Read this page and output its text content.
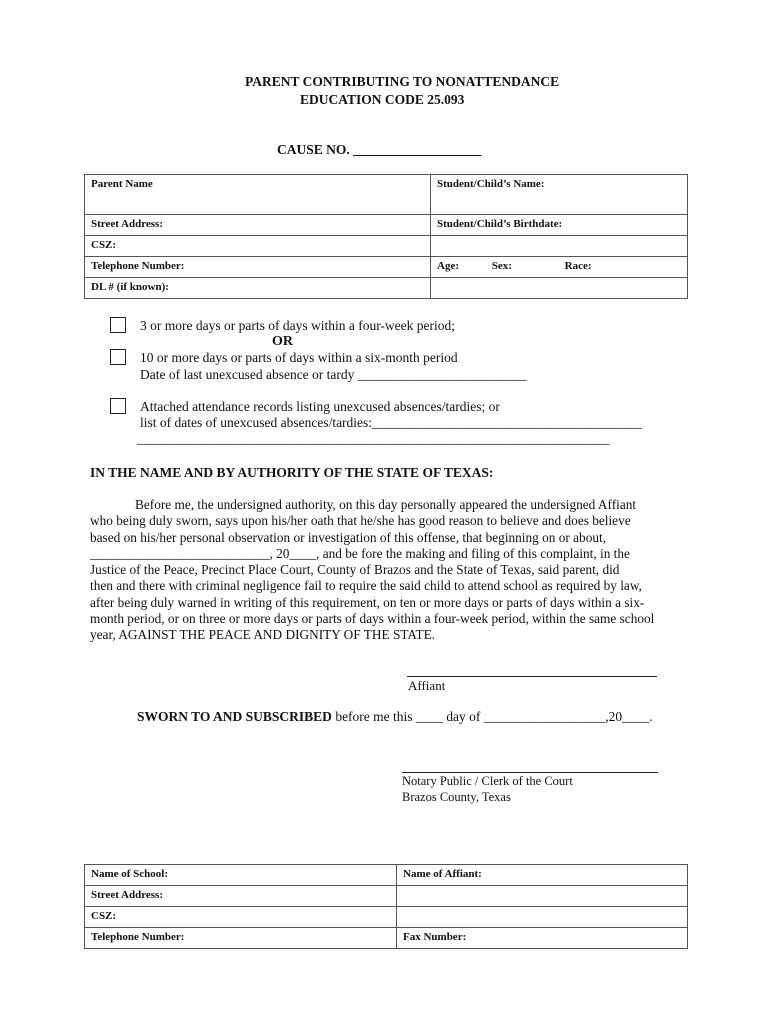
PARENT CONTRIBUTING TO NONATTENDANCE
EDUCATION CODE 25.093
CAUSE NO. ___________________
Parent Name	Student/Child’s Name:
Street Address:	Student/Child’s Birthdate:
CSZ:	
Telephone Number:	Age: Sex: Race:
DL # (if known):	
3 or more days or parts of days within a four-week period;
OR
10 or more days or parts of days within a six-month period
Date of last unexcused absence or tardy _________________________
Attached attendance records listing unexcused absences/tardies; or
list of dates of unexcused absences/tardies:________________________________________
______________________________________________________________________
IN THE NAME AND BY AUTHORITY OF THE STATE OF TEXAS:

Before me, the undersigned authority, on this day personally appeared the undersigned Affiant

who being duly sworn, says upon his/her oath that he/she has good reason to believe and does believe

based on his/her personal observation or investigation of this offense, that beginning on or about,

___________________________, 20____, and be fore the making and filing of this complaint, in the

Justice of the Peace, Precinct Place Court, County of Brazos and the State of Texas, said parent, did

then and there with criminal negligence fail to require the said child to attend school as required by law,

after being duly warned in writing of this requirement, on ten or more days or parts of days within a six-

month period, or on three or more days or parts of days within a four-week period, within the same school

year, AGAINST THE PEACE AND DIGNITY OF THE STATE.

Affiant
SWORN TO AND SUBSCRIBED before me this ____ day of __________________,20____.
Notary Public / Clerk of the Court
Brazos County, Texas
Name of School:	Name of Affiant:
Street Address:	
CSZ:	
Telephone Number:	Fax Number:
